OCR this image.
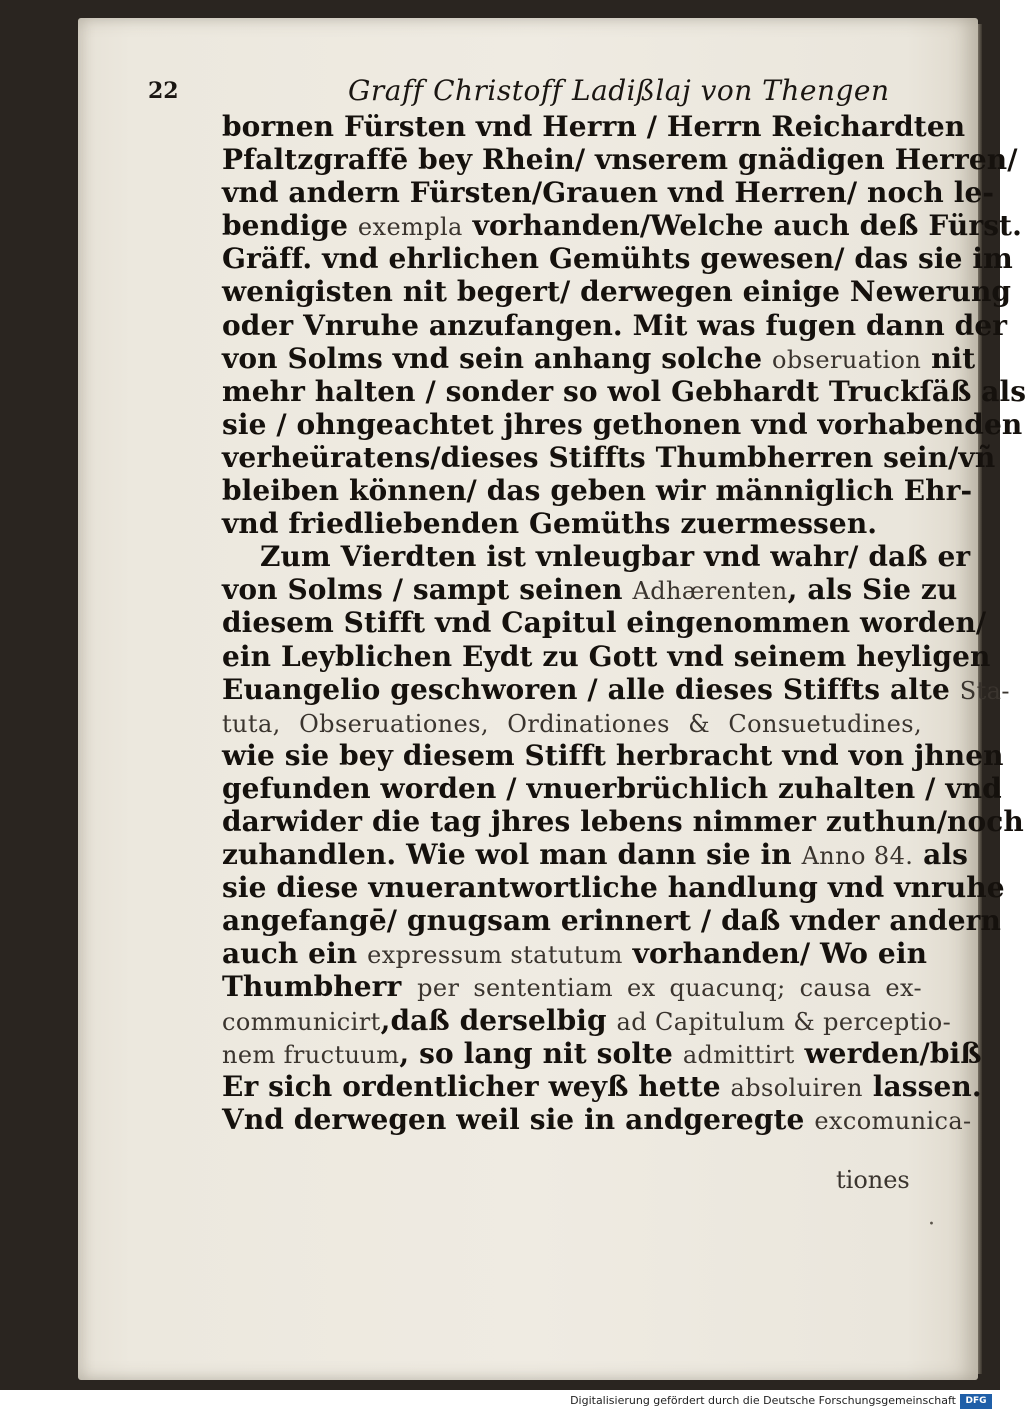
22	Graff Christoff Ladißlaj von Thengen
bornen Fürsten vnd Herrn / Herrn Reichardten
Pfaltzgraffē bey Rhein/ vnserem gnädigen Herren/
vnd andern Fürsten/Grauen vnd Herren/ noch le-
bendige exempla vorhanden/Welche auch deß Fürst.
Gräff. vnd ehrlichen Gemühts gewesen/ das sie im
wenigisten nit begert/ derwegen einige Newerung
oder Vnruhe anzufangen. Mit was fugen dann der
von Solms vnd sein anhang solche obseruation nit
mehr halten / sonder so wol Gebhardt Truckſäß als
sie / ohngeachtet jhres gethonen vnd vorhabenden
verheüratens/dieses Stiffts Thumbherren sein/vñ
bleiben können/ das geben wir männiglich Ehr-
vnd friedliebenden Gemüths zuermessen.
Zum Vierdten ist vnleugbar vnd wahr/ daß er
von Solms / sampt seinen Adhærenten, als Sie zu
diesem Stifft vnd Capitul eingenommen worden/
ein Leyblichen Eydt zu Gott vnd seinem heyligen
Euangelio geschworen / alle dieses Stiffts alte Sta-
tuta, Obseruationes, Ordinationes & Consuetudines,
wie sie bey diesem Stifft herbracht vnd von jhnen
gefunden worden / vnuerbrüchlich zuhalten / vnd
darwider die tag jhres lebens nimmer zuthun/noch
zuhandlen. Wie wol man dann sie in Anno 84. als
sie diese vnuerantwortliche handlung vnd vnruhe
angefangē/ gnugsam erinnert / daß vnder andern
auch ein expressum statutum vorhanden/ Wo ein
Thumbherr per sententiam ex quacunq; causa ex-
communicirt,daß derselbig ad Capitulum & perceptio-
nem fructuum, so lang nit solte admittirt werden/biß
Er sich ordentlicher weyß hette absoluiren lassen.
Vnd derwegen weil sie in andgeregte excomunica-
tiones
·
Digitalisierung gefördert durch die Deutsche Forschungsgemeinschaft	DFG
